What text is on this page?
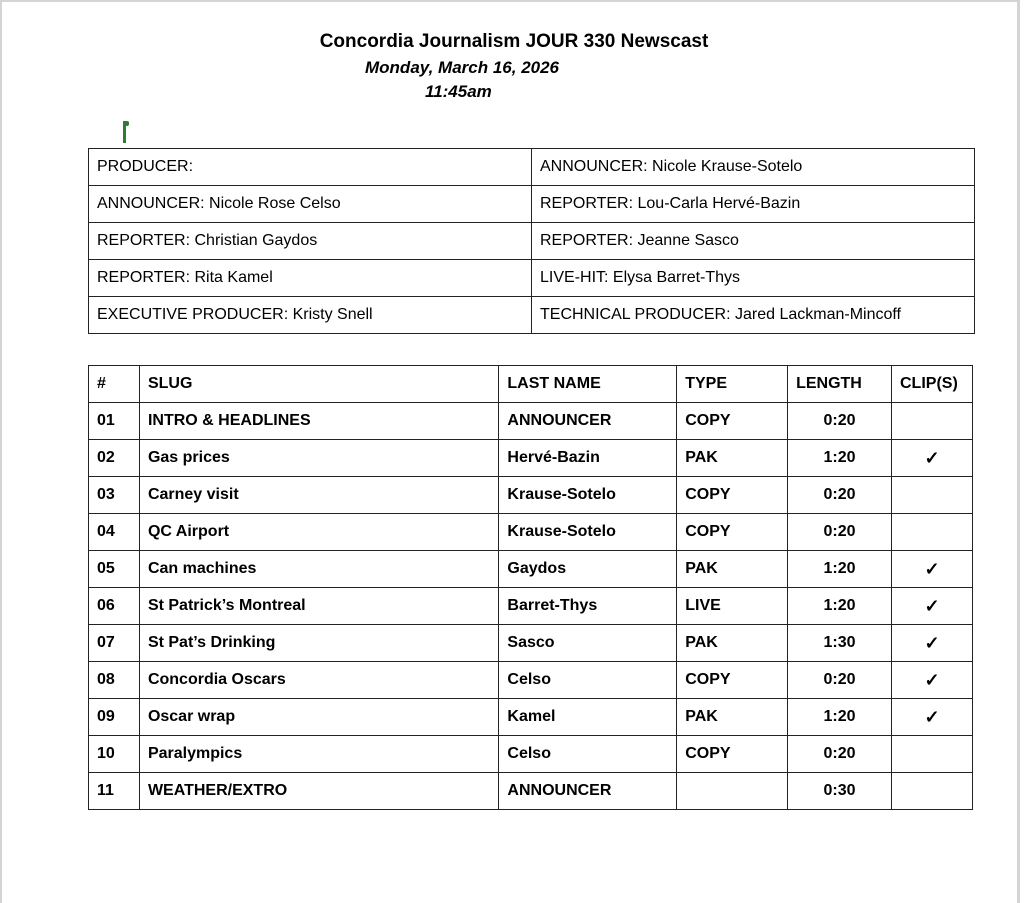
Concordia Journalism JOUR 330 Newscast
Monday, March 16, 2026
11:45am
PRODUCER:	ANNOUNCER: Nicole Krause-Sotelo
ANNOUNCER: Nicole Rose Celso	REPORTER: Lou-Carla Hervé-Bazin
REPORTER: Christian Gaydos	REPORTER: Jeanne Sasco
REPORTER: Rita Kamel	LIVE-HIT: Elysa Barret-Thys
EXECUTIVE PRODUCER: Kristy Snell	TECHNICAL PRODUCER: Jared Lackman-Mincoff
#	SLUG	LAST NAME	TYPE	LENGTH	CLIP(S)
01	INTRO & HEADLINES	ANNOUNCER	COPY	0:20	
02	Gas prices	Hervé-Bazin	PAK	1:20	✓
03	Carney visit	Krause-Sotelo	COPY	0:20	
04	QC Airport	Krause-Sotelo	COPY	0:20	
05	Can machines	Gaydos	PAK	1:20	✓
06	St Patrick’s Montreal	Barret-Thys	LIVE	1:20	✓
07	St Pat’s Drinking	Sasco	PAK	1:30	✓
08	Concordia Oscars	Celso	COPY	0:20	✓
09	Oscar wrap	Kamel	PAK	1:20	✓
10	Paralympics	Celso	COPY	0:20	
11	WEATHER/EXTRO	ANNOUNCER		0:30	
